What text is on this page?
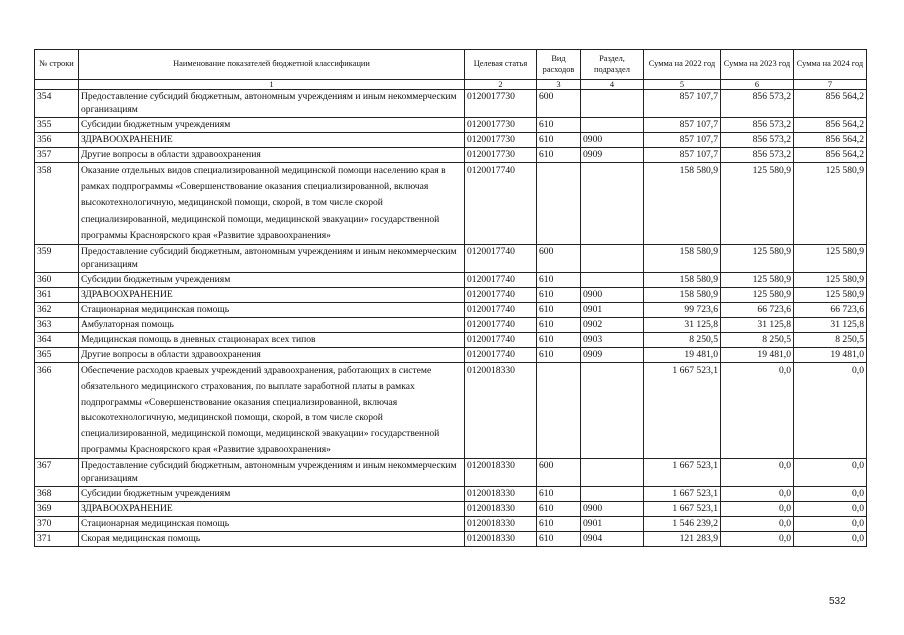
№ строки	Наименование показателей бюджетной классификации	Целевая статья	Вид расходов	Раздел, подраздел	Сумма на 2022 год	Сумма на 2023 год	Сумма на 2024 год
	1	2	3	4	5	6	7
354	Предоставление субсидий бюджетным, автономным учреждениям и иным некоммерческим организациям	0120017730	600		857 107,7	856 573,2	856 564,2
355	Субсидии бюджетным учреждениям	0120017730	610		857 107,7	856 573,2	856 564,2
356	ЗДРАВООХРАНЕНИЕ	0120017730	610	0900	857 107,7	856 573,2	856 564,2
357	Другие вопросы в области здравоохранения	0120017730	610	0909	857 107,7	856 573,2	856 564,2
358	Оказание отдельных видов специализированной медицинской помощи населению края в рамках подпрограммы «Совершенствование оказания специализированной, включая высокотехнологичную, медицинской помощи, скорой, в том числе скорой специализированной, медицинской помощи, медицинской эвакуации» государственной программы Красноярского края «Развитие здравоохранения»	0120017740			158 580,9	125 580,9	125 580,9
359	Предоставление субсидий бюджетным, автономным учреждениям и иным некоммерческим организациям	0120017740	600		158 580,9	125 580,9	125 580,9
360	Субсидии бюджетным учреждениям	0120017740	610		158 580,9	125 580,9	125 580,9
361	ЗДРАВООХРАНЕНИЕ	0120017740	610	0900	158 580,9	125 580,9	125 580,9
362	Стационарная медицинская помощь	0120017740	610	0901	99 723,6	66 723,6	66 723,6
363	Амбулаторная помощь	0120017740	610	0902	31 125,8	31 125,8	31 125,8
364	Медицинская помощь в дневных стационарах всех типов	0120017740	610	0903	8 250,5	8 250,5	8 250,5
365	Другие вопросы в области здравоохранения	0120017740	610	0909	19 481,0	19 481,0	19 481,0
366	Обеспечение расходов краевых учреждений здравоохранения, работающих в системе обязательного медицинского страхования, по выплате заработной платы в рамках подпрограммы «Совершенствование оказания специализированной, включая высокотехнологичную, медицинской помощи, скорой, в том числе скорой специализированной, медицинской помощи, медицинской эвакуации» государственной программы Красноярского края «Развитие здравоохранения»	0120018330			1 667 523,1	0,0	0,0
367	Предоставление субсидий бюджетным, автономным учреждениям и иным некоммерческим организациям	0120018330	600		1 667 523,1	0,0	0,0
368	Субсидии бюджетным учреждениям	0120018330	610		1 667 523,1	0,0	0,0
369	ЗДРАВООХРАНЕНИЕ	0120018330	610	0900	1 667 523,1	0,0	0,0
370	Стационарная медицинская помощь	0120018330	610	0901	1 546 239,2	0,0	0,0
371	Скорая медицинская помощь	0120018330	610	0904	121 283,9	0,0	0,0
532
